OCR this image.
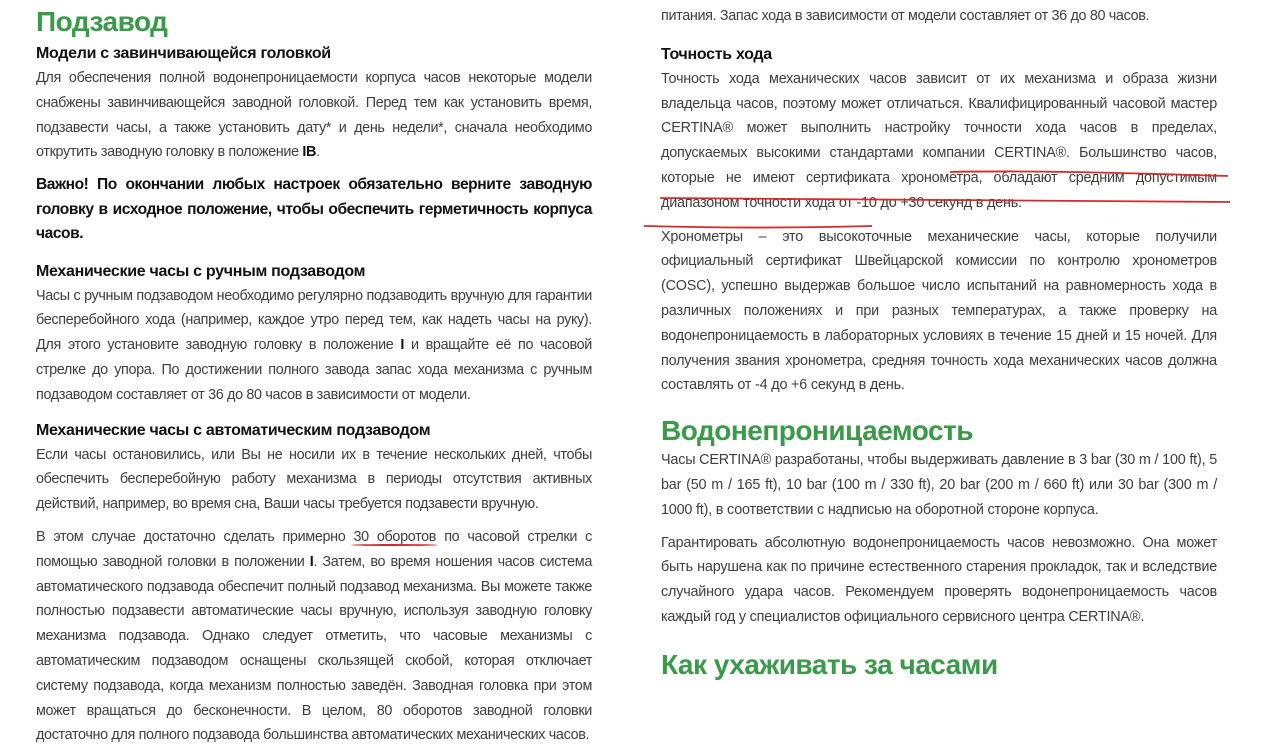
Подзавод
Модели с завинчивающейся головкой

Для обеспечения полной водонепроницаемости корпуса часов некоторые модели снабжены завинчивающейся заводной головкой. Перед тем как установить время, подзавести часы, а также установить дату* и день недели*, сначала необходимо открутить заводную головку в положение IB.

Важно! По окончании любых настроек обязательно верните заводную головку в исходное положение, чтобы обеспечить герметичность корпуса часов.

Механические часы с ручным подзаводом

Часы с ручным подзаводом необходимо регулярно подзаводить вручную для гарантии бесперебойного хода (например, каждое утро перед тем, как надеть часы на руку). Для этого установите заводную головку в положение I и вращайте её по часовой стрелке до упора. По достижении полного завода запас хода механизма с ручным подзаводом составляет от 36 до 80 часов в зависимости от модели.

Механические часы с автоматическим подзаводом

Если часы остановились, или Вы не носили их в течение нескольких дней, чтобы обеспечить бесперебойную работу механизма в периоды отсутствия активных действий, например, во время сна, Ваши часы требуется подзавести вручную.

В этом случае достаточно сделать примерно 30 оборотов по часовой стрелки с помощью заводной головки в положении I. Затем, во время ношения часов система автоматического подзавода обеспечит полный подзавод механизма. Вы можете также полностью подзавести автоматические часы вручную, используя заводную головку механизма подзавода. Однако следует отметить, что часовые механизмы с автоматическим подзаводом оснащены скользящей скобой, которая отключает систему подзавода, когда механизм полностью заведён. Заводная головка при этом может вращаться до бесконечности. В целом, 80 оборотов заводной головки достаточно для полного подзавода большинства автоматических механических часов.

питания. Запас хода в зависимости от модели составляет от 36 до 80 часов.

Точность хода

Точность хода механических часов зависит от их механизма и образа жизни владельца часов, поэтому может отличаться. Квалифицированный часовой мастер CERTINA® может выполнить настройку точности хода часов в пределах, допускаемых высокими стандартами компании CERTINA®. Большинство часов, которые не имеют сертификата хронометра, обладают средним допустимым диапазоном точности хода от -10 до +30 секунд в день.

Хронометры – это высокоточные механические часы, которые получили официальный сертификат Швейцарской комиссии по контролю хронометров (COSC), успешно выдержав большое число испытаний на равномерность хода в различных положениях и при разных температурах, а также проверку на водонепроницаемость в лабораторных условиях в течение 15 дней и 15 ночей. Для получения звания хронометра, средняя точность хода механических часов должна составлять от -4 до +6 секунд в день.

Водонепроницаемость

Часы CERTINA® разработаны, чтобы выдерживать давление в 3 bar (30 m / 100 ft), 5 bar (50 m / 165 ft), 10 bar (100 m / 330 ft), 20 bar (200 m / 660 ft) или 30 bar (300 m / 1000 ft), в соответствии с надписью на оборотной стороне корпуса.

Гарантировать абсолютную водонепроницаемость часов невозможно. Она может быть нарушена как по причине естественного старения прокладок, так и вследствие случайного удара часов. Рекомендуем проверять водонепроницаемость часов каждый год у специалистов официального сервисного центра CERTINA®.

Как ухаживать за часами
